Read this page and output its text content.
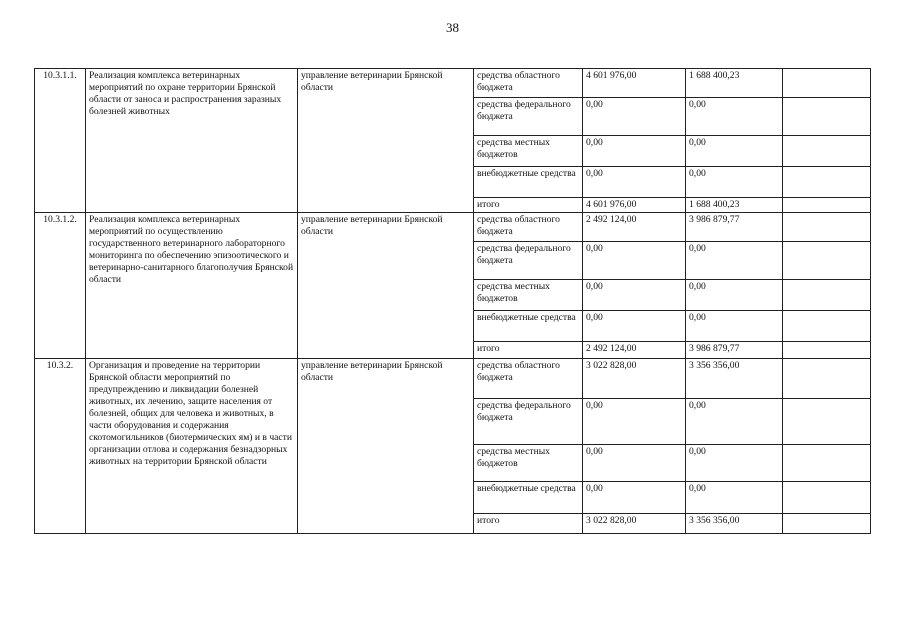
38
10.3.1.1.	Реализация комплекса ветеринарных мероприятий по охране территории Брянской области от заноса и распространения заразных болезней животных	управление ветеринарии Брянской области	средства областного бюджета	4 601 976,00	1 688 400,23	
			средства федерального бюджета	0,00	0,00	
			средства местных бюджетов	0,00	0,00	
			внебюджетные средства	0,00	0,00	
			итого	4 601 976,00	1 688 400,23	
10.3.1.2.	Реализация комплекса ветеринарных мероприятий по осуществлению государственного ветеринарного лабораторного мониторинга по обеспечению эпизоотического и ветеринарно-санитарного благополучия Брянской области	управление ветеринарии Брянской области	средства областного бюджета	2 492 124,00	3 986 879,77	
			средства федерального бюджета	0,00	0,00	
			средства местных бюджетов	0,00	0,00	
			внебюджетные средства	0,00	0,00	
			итого	2 492 124,00	3 986 879,77	
10.3.2.	Организация и проведение на территории Брянской области мероприятий по предупреждению и ликвидации болезней животных, их лечению, защите населения от болезней, общих для человека и животных, в части оборудования и содержания скотомогильников (биотермических ям) и в части организации отлова и содержания безнадзорных животных на территории Брянской области	управление ветеринарии Брянской области	средства областного бюджета	3 022 828,00	3 356 356,00	
			средства федерального бюджета	0,00	0,00	
			средства местных бюджетов	0,00	0,00	
			внебюджетные средства	0,00	0,00	
			итого	3 022 828,00	3 356 356,00	
